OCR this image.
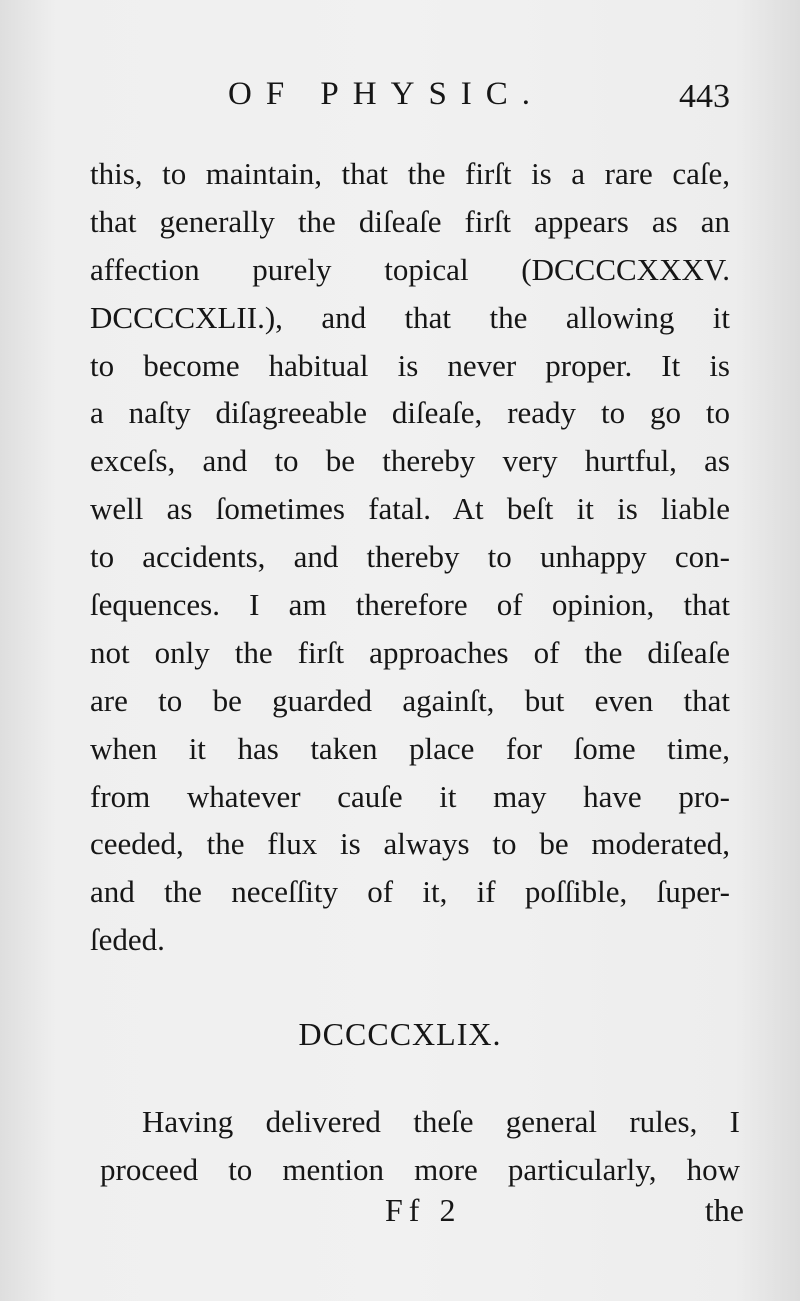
OF PHYSIC.	443
this, to maintain, that the firſt is a rare caſe,
that generally the diſeaſe firſt appears as an
affection purely topical (DCCCCXXXV.
DCCCCXLII.), and that the allowing it
to become habitual is never proper. It is
a naſty diſagreeable diſeaſe, ready to go to
exceſs, and to be thereby very hurtful, as
well as ſometimes fatal. At beſt it is liable
to accidents, and thereby to unhappy con-
ſequences. I am therefore of opinion, that
not only the firſt approaches of the diſeaſe
are to be guarded againſt, but even that
when it has taken place for ſome time,
from whatever cauſe it may have pro-
ceeded, the flux is always to be moderated,
and the neceſſity of it, if poſſible, ſuper-
ſeded.
DCCCCXLIX.
Having delivered theſe general rules, I
proceed to mention more particularly, how
Ff 2	the
